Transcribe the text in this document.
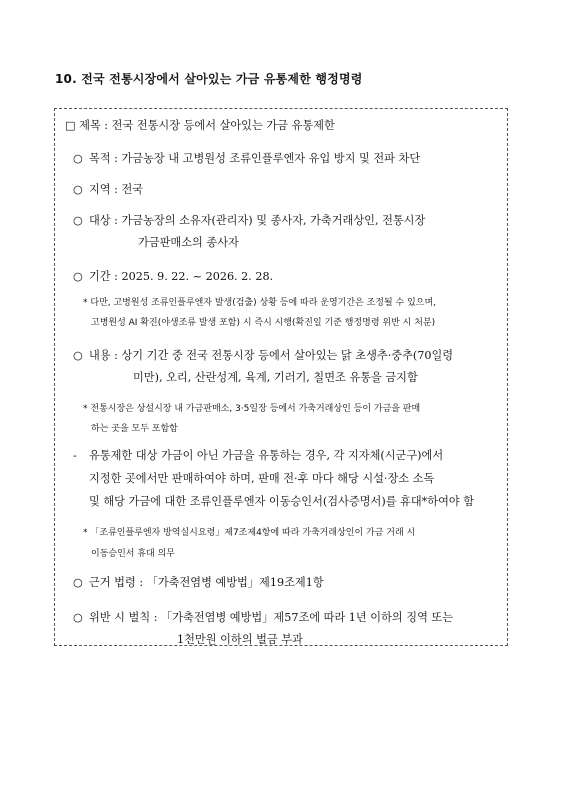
10. 전국 전통시장에서 살아있는 가금 유통제한 행정명령
□ 제목 : 전국 전통시장 등에서 살아있는 가금 유통제한
○ 목적 : 가금농장 내 고병원성 조류인플루엔자 유입 방지 및 전파 차단
○ 지역 : 전국
○ 대상 : 가금농장의 소유자(관리자) 및 종사자, 가축거래상인, 전통시장
가금판매소의 종사자
○ 기간 : 2025. 9. 22. ~ 2026. 2. 28.
* 다만, 고병원성 조류인플루엔자 발생(검출) 상황 등에 따라 운영기간은 조정될 수 있으며,
고병원성 AI 확진(야생조류 발생 포함) 시 즉시 시행(확진일 기준 행정명령 위반 시 처분)
○ 내용 : 상기 기간 중 전국 전통시장 등에서 살아있는 닭 초생추·중추(70일령
미만), 오리, 산란성계, 육계, 기러기, 칠면조 유통을 금지함
* 전통시장은 상설시장 내 가금판매소, 3·5일장 등에서 가축거래상인 등이 가금을 판매
하는 곳을 모두 포함함
- 유통제한 대상 가금이 아닌 가금을 유통하는 경우, 각 지자체(시군구)에서
지정한 곳에서만 판매하여야 하며, 판매 전·후 마다 해당 시설·장소 소독
및 해당 가금에 대한 조류인플루엔자 이동승인서(검사증명서)를 휴대*하여야 함
* 「조류인플루엔자 방역실시요령」제7조제4항에 따라 가축거래상인이 가금 거래 시
이동승인서 휴대 의무
○ 근거 법령 : 「가축전염병 예방법」제19조제1항
○ 위반 시 벌칙 : 「가축전염병 예방법」제57조에 따라 1년 이하의 징역 또는
1천만원 이하의 벌금 부과
